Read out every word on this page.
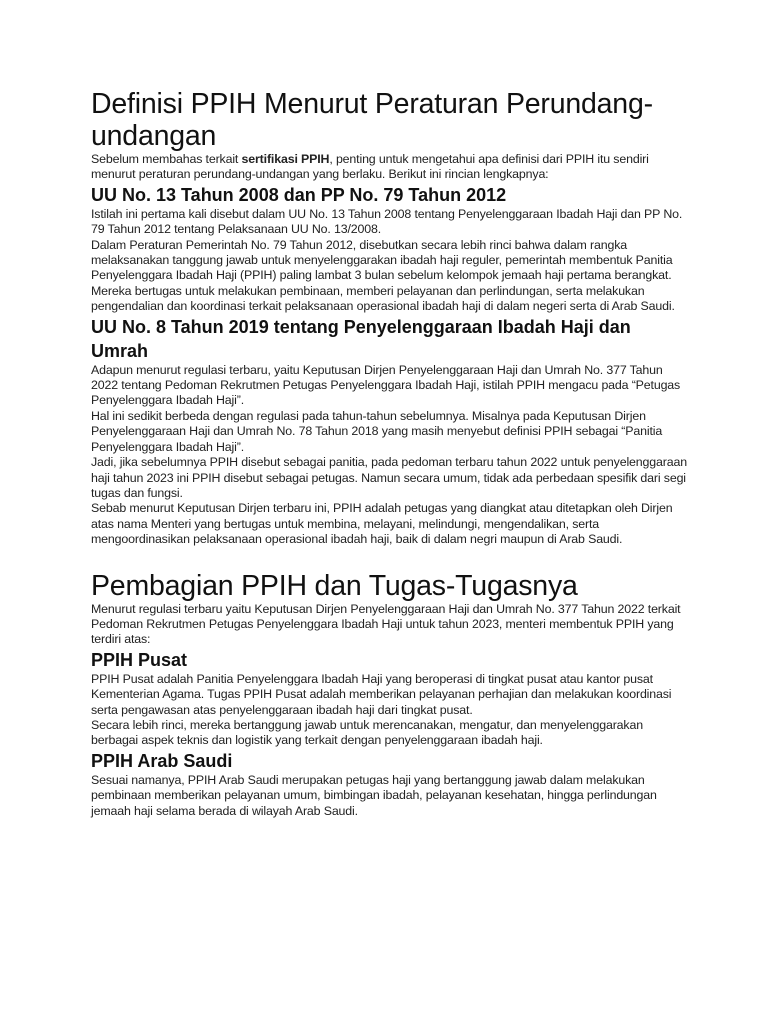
Definisi PPIH Menurut Peraturan Perundang-undangan

Sebelum membahas terkait sertifikasi PPIH, penting untuk mengetahui apa definisi dari PPIH itu sendiri menurut peraturan perundang-undangan yang berlaku. Berikut ini rincian lengkapnya:

UU No. 13 Tahun 2008 dan PP No. 79 Tahun 2012

Istilah ini pertama kali disebut dalam UU No. 13 Tahun 2008 tentang Penyelenggaraan Ibadah Haji dan PP No. 79 Tahun 2012 tentang Pelaksanaan UU No. 13/2008.

Dalam Peraturan Pemerintah No. 79 Tahun 2012, disebutkan secara lebih rinci bahwa dalam rangka melaksanakan tanggung jawab untuk menyelenggarakan ibadah haji reguler, pemerintah membentuk Panitia Penyelenggara Ibadah Haji (PPIH) paling lambat 3 bulan sebelum kelompok jemaah haji pertama berangkat.

Mereka bertugas untuk melakukan pembinaan, memberi pelayanan dan perlindungan, serta melakukan pengendalian dan koordinasi terkait pelaksanaan operasional ibadah haji di dalam negeri serta di Arab Saudi.

UU No. 8 Tahun 2019 tentang Penyelenggaraan Ibadah Haji dan Umrah

Adapun menurut regulasi terbaru, yaitu Keputusan Dirjen Penyelenggaraan Haji dan Umrah No. 377 Tahun 2022 tentang Pedoman Rekrutmen Petugas Penyelenggara Ibadah Haji, istilah PPIH mengacu pada “Petugas Penyelenggara Ibadah Haji”.

Hal ini sedikit berbeda dengan regulasi pada tahun-tahun sebelumnya. Misalnya pada Keputusan Dirjen Penyelenggaraan Haji dan Umrah No. 78 Tahun 2018 yang masih menyebut definisi PPIH sebagai “Panitia Penyelenggara Ibadah Haji”.

Jadi, jika sebelumnya PPIH disebut sebagai panitia, pada pedoman terbaru tahun 2022 untuk penyelenggaraan haji tahun 2023 ini PPIH disebut sebagai petugas. Namun secara umum, tidak ada perbedaan spesifik dari segi tugas dan fungsi.

Sebab menurut Keputusan Dirjen terbaru ini, PPIH adalah petugas yang diangkat atau ditetapkan oleh Dirjen atas nama Menteri yang bertugas untuk membina, melayani, melindungi, mengendalikan, serta mengoordinasikan pelaksanaan operasional ibadah haji, baik di dalam negri maupun di Arab Saudi.

Pembagian PPIH dan Tugas-Tugasnya

Menurut regulasi terbaru yaitu Keputusan Dirjen Penyelenggaraan Haji dan Umrah No. 377 Tahun 2022 terkait Pedoman Rekrutmen Petugas Penyelenggara Ibadah Haji untuk tahun 2023, menteri membentuk PPIH yang terdiri atas:

PPIH Pusat

PPIH Pusat adalah Panitia Penyelenggara Ibadah Haji yang beroperasi di tingkat pusat atau kantor pusat Kementerian Agama. Tugas PPIH Pusat adalah memberikan pelayanan perhajian dan melakukan koordinasi serta pengawasan atas penyelenggaraan ibadah haji dari tingkat pusat.

Secara lebih rinci, mereka bertanggung jawab untuk merencanakan, mengatur, dan menyelenggarakan berbagai aspek teknis dan logistik yang terkait dengan penyelenggaraan ibadah haji.

PPIH Arab Saudi

Sesuai namanya, PPIH Arab Saudi merupakan petugas haji yang bertanggung jawab dalam melakukan pembinaan memberikan pelayanan umum, bimbingan ibadah, pelayanan kesehatan, hingga perlindungan jemaah haji selama berada di wilayah Arab Saudi.
